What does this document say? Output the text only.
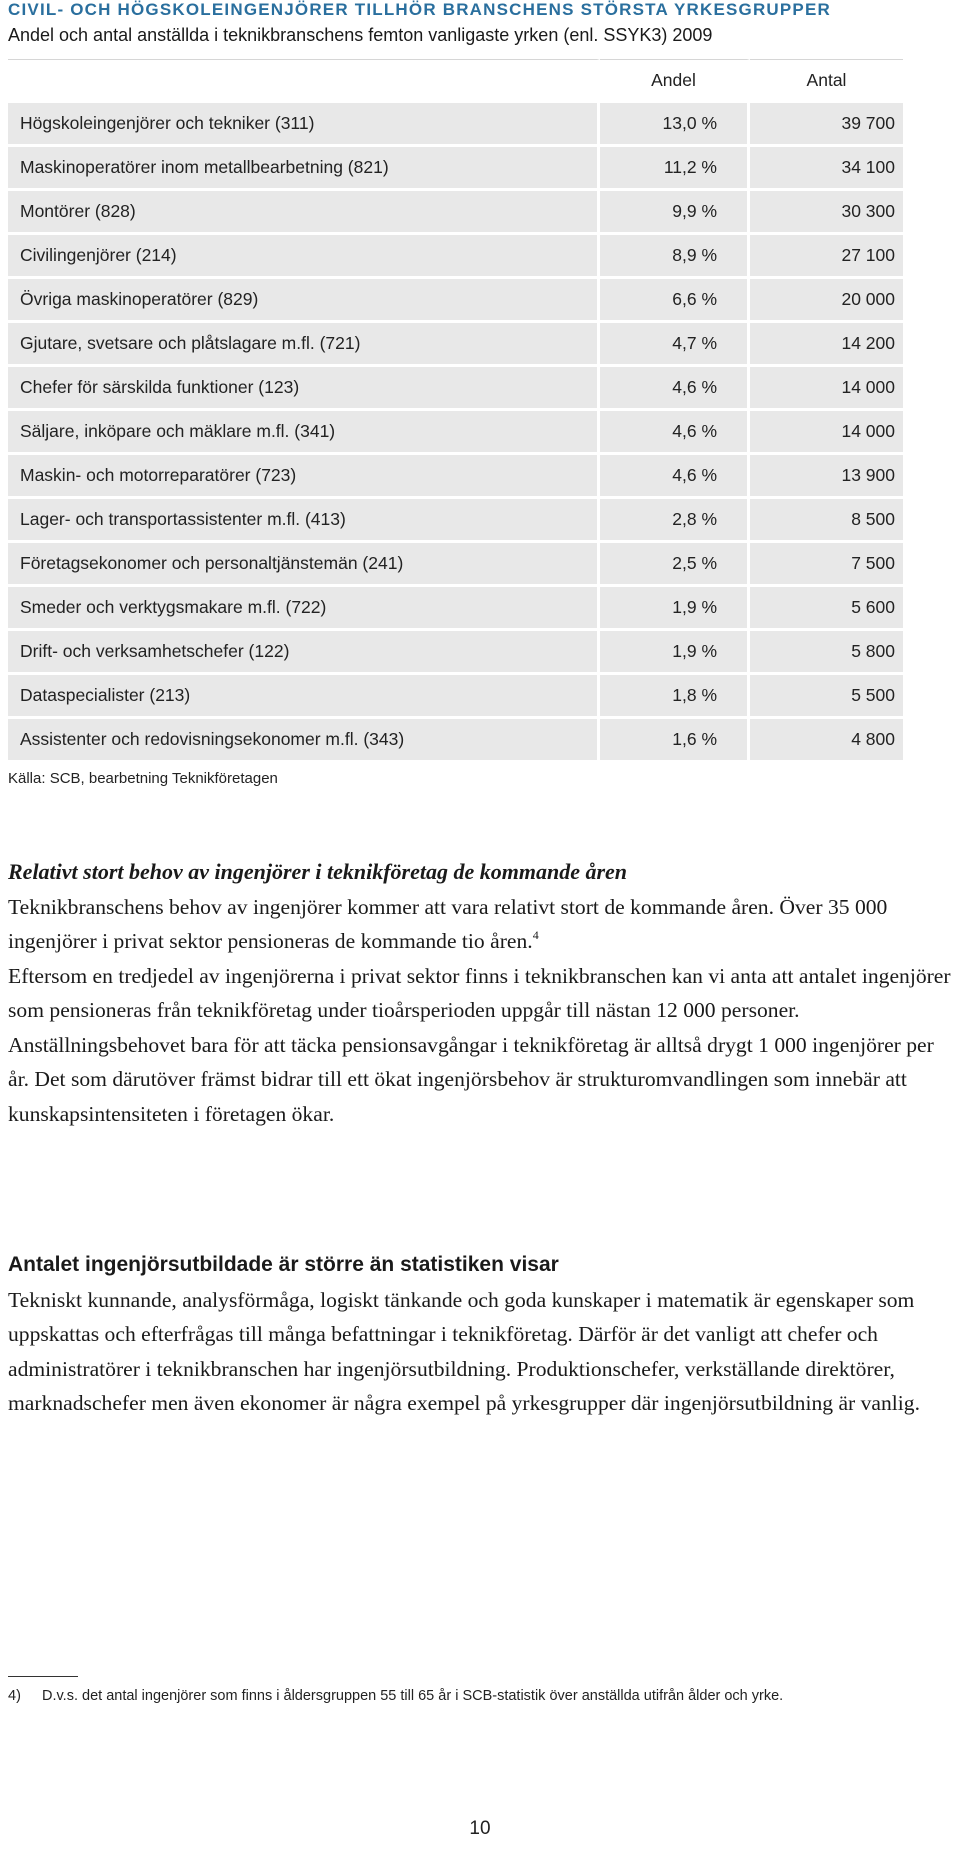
CIVIL- OCH HÖGSKOLEINGENJÖRER TILLHÖR BRANSCHENS STÖRSTA YRKESGRUPPER
Andel och antal anställda i teknikbranschens femton vanligaste yrken (enl. SSYK3) 2009
	Andel	Antal
Högskoleingenjörer och tekniker (311)	13,0 %	39 700
Maskinoperatörer inom metallbearbetning (821)	11,2 %	34 100
Montörer (828)	9,9 %	30 300
Civilingenjörer (214)	8,9 %	27 100
Övriga maskinoperatörer (829)	6,6 %	20 000
Gjutare, svetsare och plåtslagare m.fl. (721)	4,7 %	14 200
Chefer för särskilda funktioner (123)	4,6 %	14 000
Säljare, inköpare och mäklare m.fl. (341)	4,6 %	14 000
Maskin- och motorreparatörer (723)	4,6 %	13 900
Lager- och transportassistenter m.fl. (413)	2,8 %	8 500
Företagsekonomer och personaltjänstemän (241)	2,5 %	7 500
Smeder och verktygsmakare m.fl. (722)	1,9 %	5 600
Drift- och verksamhetschefer (122)	1,9 %	5 800
Dataspecialister (213)	1,8 %	5 500
Assistenter och redovisningsekonomer m.fl. (343)	1,6 %	4 800
Källa: SCB, bearbetning Teknikföretagen
Relativt stort behov av ingenjörer i teknikföretag de kommande åren

Teknikbranschens behov av ingenjörer kommer att vara relativt stort de kommande åren. Över 35 000 ingenjörer i privat sektor pensioneras de kommande tio åren.$^4$
Eftersom en tredjedel av ingenjörerna i privat sektor finns i teknikbranschen kan vi anta att antalet ingenjörer som pensioneras från teknikföretag under tioårsperioden uppgår till nästan 12 000 personer. Anställningsbehovet bara för att täcka pensionsavgångar i teknikföretag är alltså drygt 1 000 ingenjörer per år. Det som därutöver främst bidrar till ett ökat ingenjörsbehov är strukturomvandlingen som innebär att kunskapsintensiteten i företagen ökar.

Antalet ingenjörsutbildade är större än statistiken visar

Tekniskt kunnande, analysförmåga, logiskt tänkande och goda kunskaper i matematik är egenskaper som uppskattas och efterfrågas till många befattningar i teknikföretag. Därför är det vanligt att chefer och administratörer i teknikbranschen har ingenjörsutbildning. Produktionschefer, verkställande direktörer, marknadschefer men även ekonomer är några exempel på yrkesgrupper där ingenjörsutbildning är vanlig.

4) D.v.s. det antal ingenjörer som finns i åldersgruppen 55 till 65 år i SCB-statistik över anställda utifrån ålder och yrke.
10
